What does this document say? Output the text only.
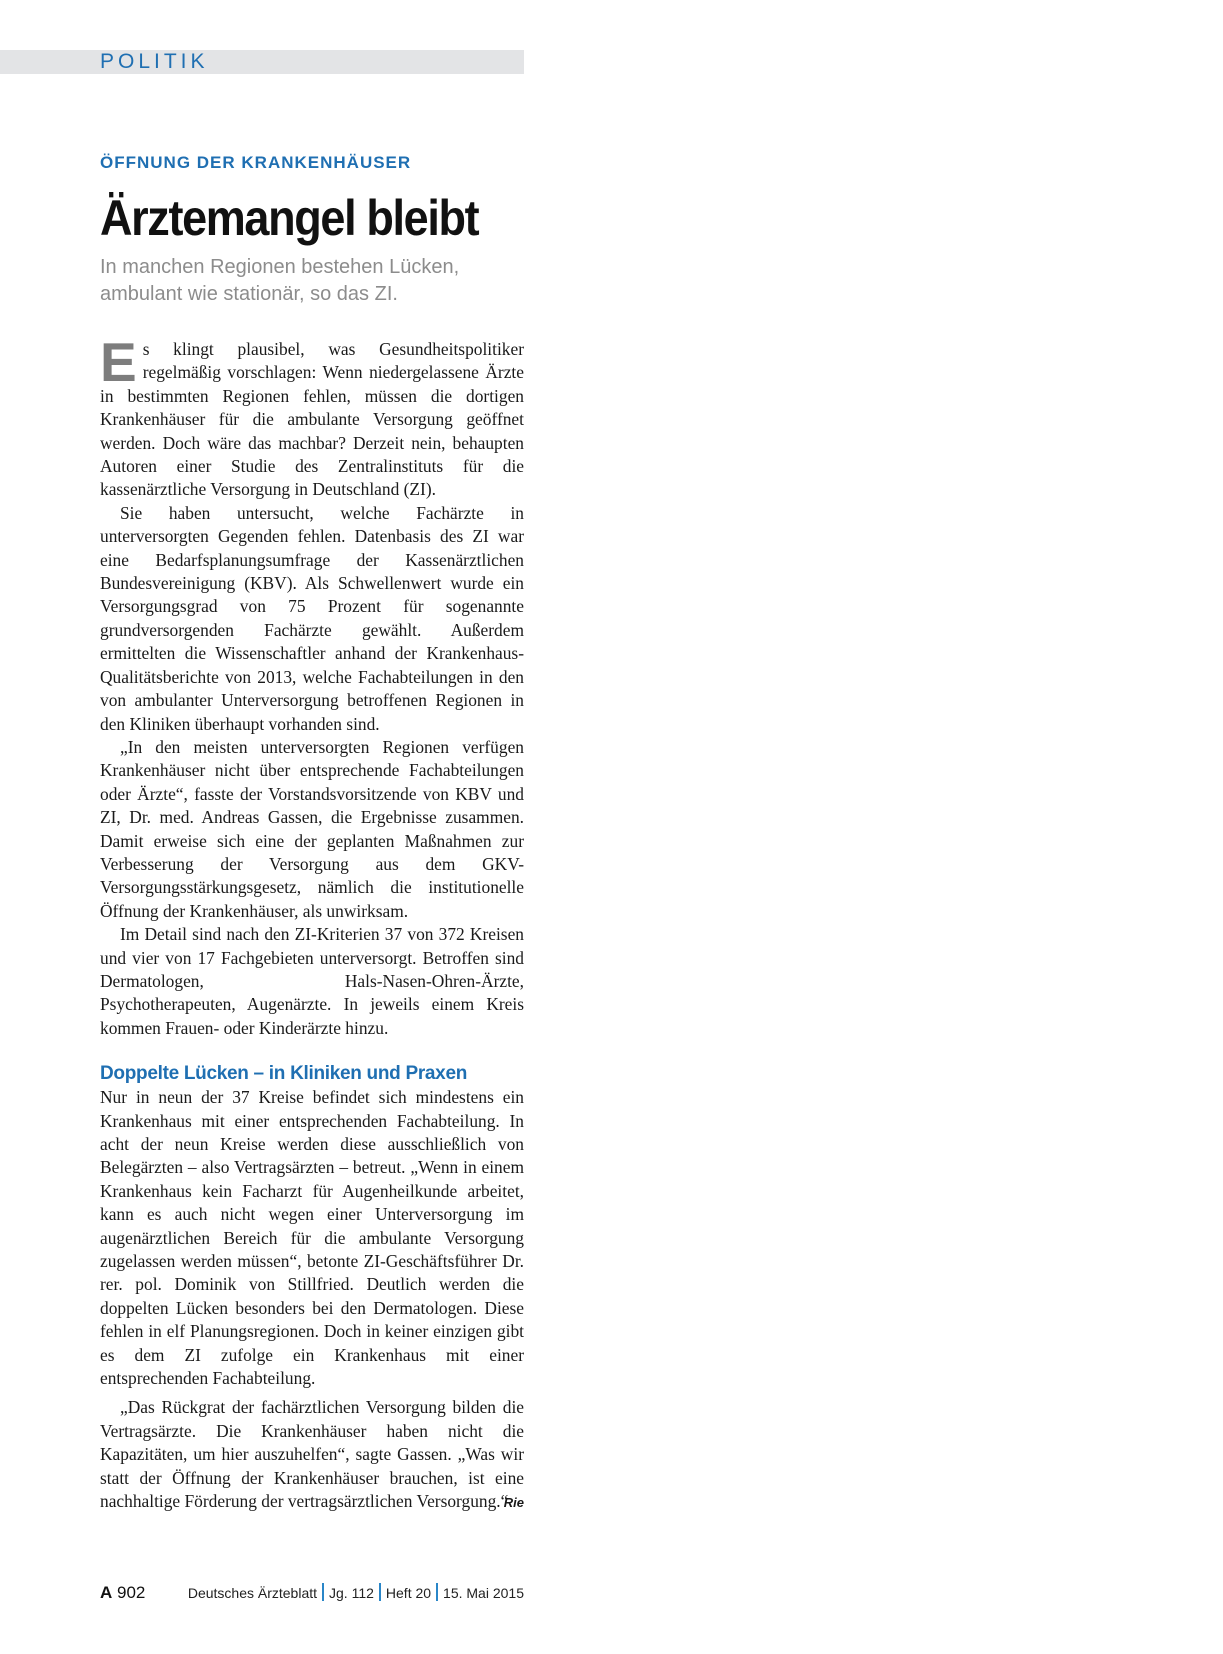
POLITIK
ÖFFNUNG DER KRANKENHÄUSER
Ärztemangel bleibt
In manchen Regionen bestehen Lücken, ambulant wie stationär, so das ZI.

Es klingt plausibel, was Gesundheitspolitiker regelmäßig vorschlagen: Wenn niedergelassene Ärzte in bestimmten Regionen fehlen, müssen die dortigen Krankenhäuser für die ambulante Versorgung geöffnet werden. Doch wäre das machbar? Derzeit nein, behaupten Autoren einer Studie des Zentralinstituts für die kassenärztliche Versorgung in Deutschland (ZI).

Sie haben untersucht, welche Fachärzte in unterversorgten Gegenden fehlen. Datenbasis des ZI war eine Bedarfsplanungsumfrage der Kassenärztlichen Bundesvereinigung (KBV). Als Schwellenwert wurde ein Versorgungsgrad von 75 Prozent für sogenannte grundversorgenden Fachärzte gewählt. Außerdem ermittelten die Wissenschaftler anhand der Krankenhaus-Qualitätsberichte von 2013, welche Fachabteilungen in den von ambulanter Unterversorgung betroffenen Regionen in den Kliniken überhaupt vorhanden sind.

„In den meisten unterversorgten Regionen verfügen Krankenhäuser nicht über entsprechende Fachabteilungen oder Ärzte“, fasste der Vorstandsvorsitzende von KBV und ZI, Dr. med. Andreas Gassen, die Ergebnisse zusammen. Damit erweise sich eine der geplanten Maßnahmen zur Verbesserung der Versorgung aus dem GKV-Versorgungsstärkungsgesetz, nämlich die institutionelle Öffnung der Krankenhäuser, als unwirksam.

Im Detail sind nach den ZI-Kriterien 37 von 372 Kreisen und vier von 17 Fachgebieten unterversorgt. Betroffen sind Dermatologen, Hals-Nasen-Ohren-Ärzte, Psychotherapeuten, Augenärzte. In jeweils einem Kreis kommen Frauen- oder Kinderärzte hinzu.

Doppelte Lücken – in Kliniken und Praxen

Nur in neun der 37 Kreise befindet sich mindestens ein Krankenhaus mit einer entsprechenden Fachabteilung. In acht der neun Kreise werden diese ausschließlich von Belegärzten – also Vertragsärzten – betreut. „Wenn in einem Krankenhaus kein Facharzt für Augenheilkunde arbeitet, kann es auch nicht wegen einer Unterversorgung im augenärztlichen Bereich für die ambulante Versorgung zugelassen werden müssen“, betonte ZI-Geschäftsführer Dr. rer. pol. Dominik von Stillfried. Deutlich werden die doppelten Lücken besonders bei den Dermatologen. Diese fehlen in elf Planungsregionen. Doch in keiner einzigen gibt es dem ZI zufolge ein Krankenhaus mit einer entsprechenden Fachabteilung.

„Das Rückgrat der fachärztlichen Versorgung bilden die Vertragsärzte. Die Krankenhäuser haben nicht die Kapazitäten, um hier auszuhelfen“, sagte Gassen. „Was wir statt der Öffnung der Krankenhäuser brauchen, ist eine nachhaltige Förderung der vertragsärztlichen Versorgung.“

Rie
A 902	Deutsches Ärzteblatt Jg. 112 Heft 20 15. Mai 2015
